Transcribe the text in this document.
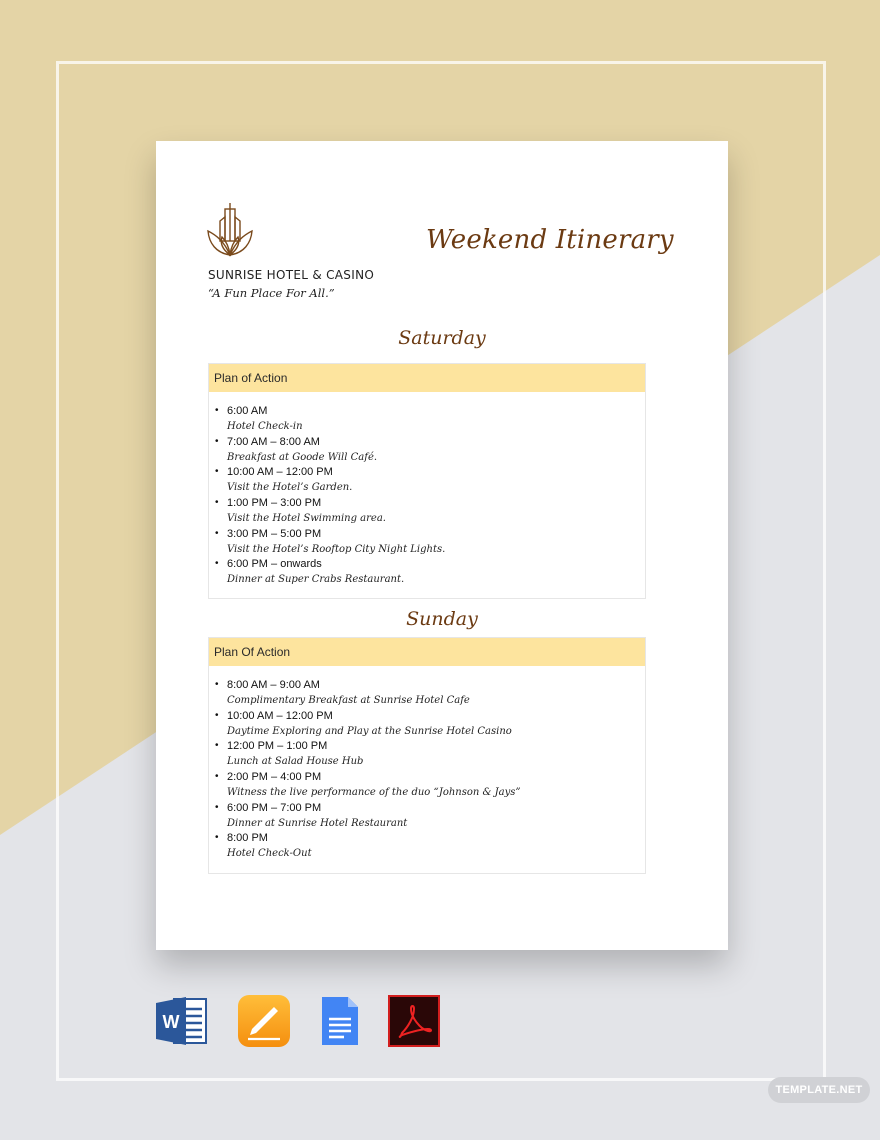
SUNRISE HOTEL & CASINO
“A Fun Place For All.”
Weekend Itinerary
Saturday
Plan of Action
• 6:00 AM
Hotel Check-in
• 7:00 AM – 8:00 AM
Breakfast at Goode Will Café.
• 10:00 AM – 12:00 PM
Visit the Hotel’s Garden.
• 1:00 PM – 3:00 PM
Visit the Hotel Swimming area.
• 3:00 PM – 5:00 PM
Visit the Hotel’s Rooftop City Night Lights.
• 6:00 PM – onwards
Dinner at Super Crabs Restaurant.
Sunday
Plan Of Action
• 8:00 AM – 9:00 AM
Complimentary Breakfast at Sunrise Hotel Cafe
• 10:00 AM – 12:00 PM
Daytime Exploring and Play at the Sunrise Hotel Casino
• 12:00 PM – 1:00 PM
Lunch at Salad House Hub
• 2:00 PM – 4:00 PM
Witness the live performance of the duo “Johnson & Jays”
• 6:00 PM – 7:00 PM
Dinner at Sunrise Hotel Restaurant
• 8:00 PM
Hotel Check-Out
W
TEMPLATE.NET
